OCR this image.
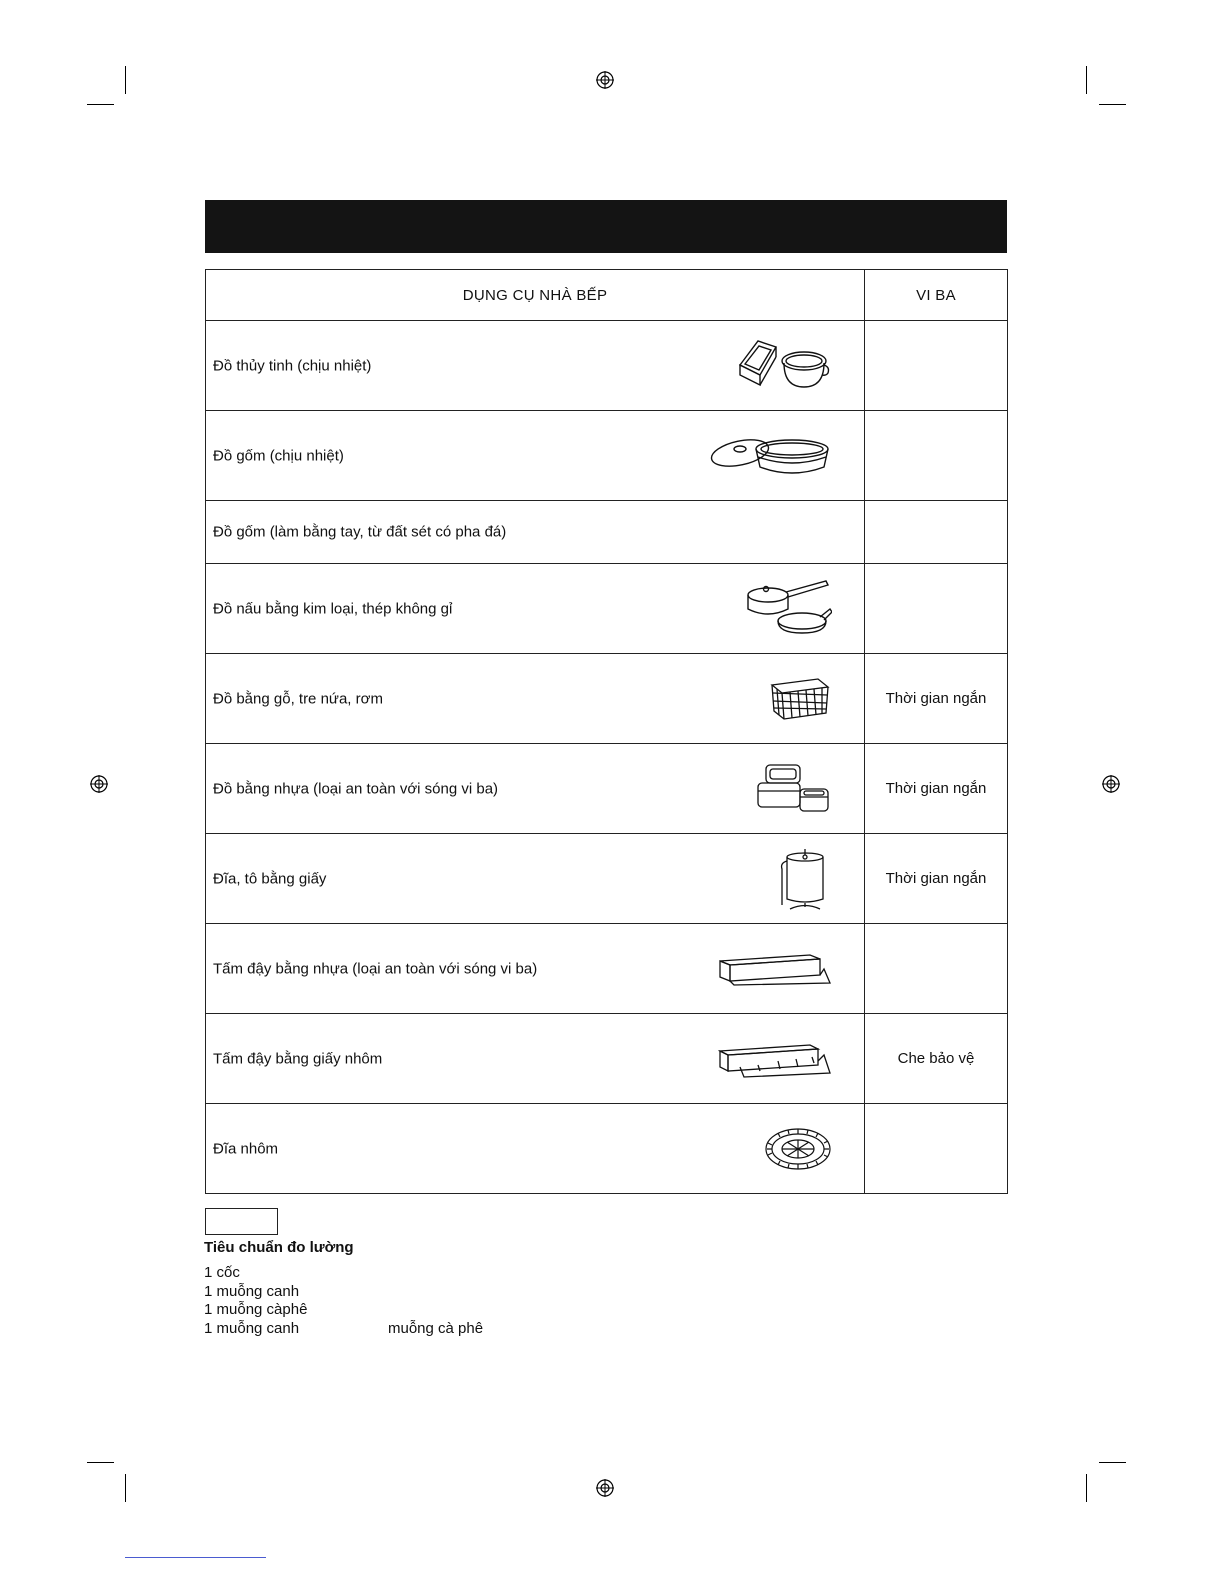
DỤNG CỤ NHÀ BẾP	VI BA

Đồ thủy tinh (chịu nhiệt)	

Đồ gốm (chịu nhiệt)	

Đồ gốm (làm bằng tay, từ đất sét có pha đá)	

Đồ nấu bằng kim loại, thép không gỉ	

Đồ bằng gỗ, tre nứa, rơm	Thời gian ngắn

Đồ bằng nhựa (loại an toàn với sóng vi ba)	Thời gian ngắn

Đĩa, tô bằng giấy	Thời gian ngắn

Tấm đậy bằng nhựa (loại an toàn với sóng vi ba)	

Tấm đậy bằng giấy nhôm	Che bảo vệ

Đĩa nhôm	

Tiêu chuẩn đo lường
1 cốc
1 muỗng canh
1 muỗng càphê
1 muỗng canh	muỗng cà phê
